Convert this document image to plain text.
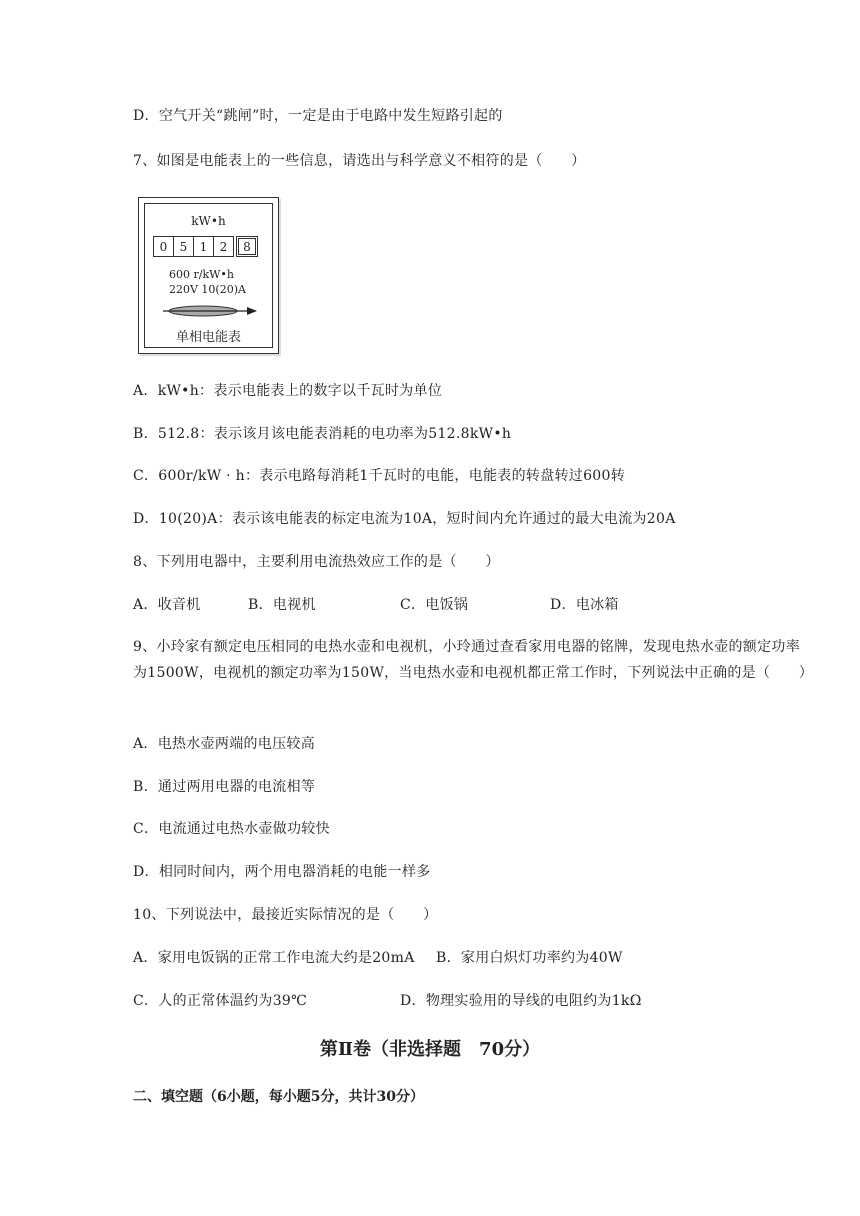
D．空气开关“跳闸”时，一定是由于电路中发生短路引起的
7、如图是电能表上的一些信息，请选出与科学意义不相符的是（　　）
kW•h
0	5	1	2	8
600 r/kW•h
220V 10(20)A
单相电能表
A．kW•h：表示电能表上的数字以千瓦时为单位
B．512.8：表示该月该电能表消耗的电功率为512.8kW•h
C．600r/kW · h：表示电路每消耗1千瓦时的电能，电能表的转盘转过600转
D．10(20)A：表示该电能表的标定电流为10A，短时间内允许通过的最大电流为20A
8、下列用电器中，主要利用电流热效应工作的是（　　）
A．收音机	B．电视机	C．电饭锅	D．电冰箱
9、小玲家有额定电压相同的电热水壶和电视机，小玲通过查看家用电器的铭牌，发现电热水壶的额定功率为1500W，电视机的额定功率为150W，当电热水壶和电视机都正常工作时，下列说法中正确的是（　　）
A．电热水壶两端的电压较高
B．通过两用电器的电流相等
C．电流通过电热水壶做功较快
D．相同时间内，两个用电器消耗的电能一样多
10、下列说法中，最接近实际情况的是（　　）
A．家用电饭锅的正常工作电流大约是20mA B．家用白炽灯功率约为40W
C．人的正常体温约为39℃	D．物理实验用的导线的电阻约为1kΩ
第Ⅱ卷（非选择题　70分）
二、填空题（6小题，每小题5分，共计30分）
